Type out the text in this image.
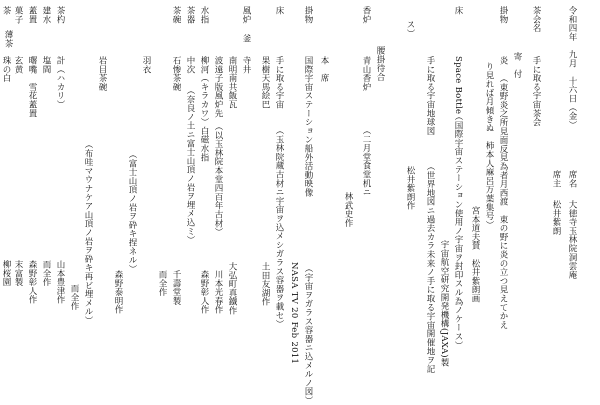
令和四年　九月　十六日（金）
席名
大徳寺玉林院洞雲庵
席主
松井紫朗
茶会名
手に取る宇宙茶会
寄　付
掛物
炎
（東野炎之所見面反見為者月西渡　東の野に炎の立つ見えてかえ
り見れば月傾きぬ　柿本人麻呂万葉集号）
宮本道夫賛　松井紫朗画
床
Space Bottle
（国際宇宙ステーション使用ノ宇宙ヲ封印スル為ノケース）
宇宙航空研究開発機構(JAXA)製
手に取る宇宙地球図
（世界地図ニ過去カラ未来ノ手に取る宇宙開催地ヲ記
ス）
松井紫朗作
腰掛待合
香炉
青山香炉
（二月堂食堂机ニ
林武史作
本　席
掛物
国際宇宙ステーション船外活動映像
（宇宙ヲガラス容器ニ込メルノ図）
NASA TV 20 Feb 2011
床
手に取る宇宙
（玉林院蔵古材ニ宇宙ヲ込メシガラス容器ヲ載セ）
果樹天馬絵巴
土田友湖作
風炉
釜
寺井
南明南共飯瓦
大弘町真鐵作
波遠子版風炉先
（以玉林院本堂四百年古材）
川本光春作
水指
柳河（キラカワ）白磁水指
森野彰人作
茶器
中次
（奈良ノ土ニ富士山頂ノ岩ヲ埋メ込ミ）
茶碗
石惨茶碗
千壽堂製
而全作
羽衣
（富士山頂ノ岩ヲ砕キ捏ネル）
森野泰明作
岩目茶碗
（布哇マウナケア山頂ノ岩ヲ砕キ再ビ埋メル）
而全作
茶杓
計（ハカリ）
山本豊津作
建水
塩間
而全作
蓋置
曙嘴　雪花蓋置
森野彰人作
菓子
玄黄
末富製
茶
珠の白
柳桜園
薄茶
